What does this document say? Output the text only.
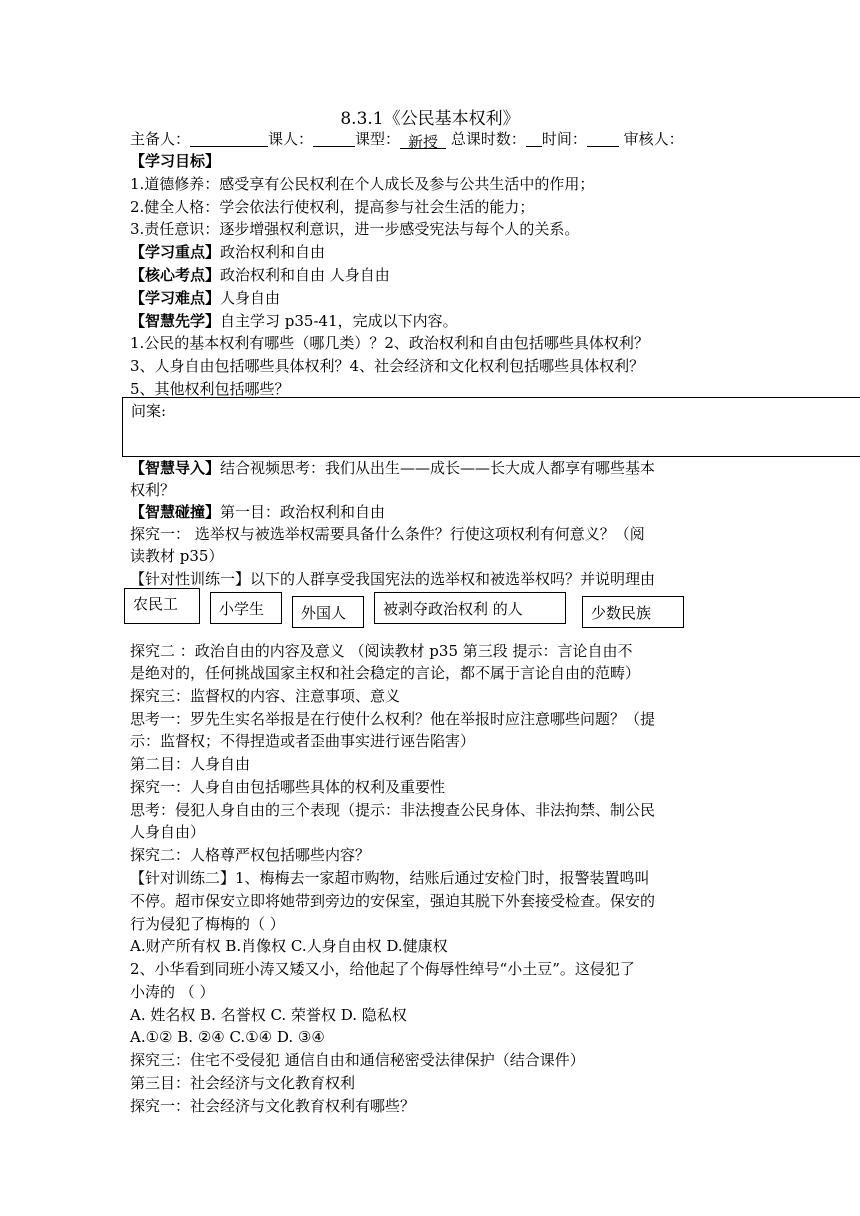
8.3.1《公民基本权利》
主备人：	课人：	课型： 新授 总课时数： 时间： 审核人：
【学习目标】
1.道德修养：感受享有公民权利在个人成长及参与公共生活中的作用；
2.健全人格：学会依法行使权利，提高参与社会生活的能力；
3.责任意识：逐步增强权利意识，进一步感受宪法与每个人的关系。
【学习重点】政治权利和自由
【核心考点】政治权利和自由 人身自由
【学习难点】人身自由
【智慧先学】自主学习 p35-41，完成以下内容。
1.公民的基本权利有哪些（哪几类）？2、政治权利和自由包括哪些具体权利？
3、人身自由包括哪些具体权利？4、社会经济和文化权利包括哪些具体权利？
5、其他权利包括哪些？
问案:
【智慧导入】结合视频思考：我们从出生——成长——长大成人都享有哪些基本
权利？
【智慧碰撞】第一目：政治权利和自由
探究一： 选举权与被选举权需要具备什么条件？行使这项权利有何意义？（阅
读教材 p35）
【针对性训练一】以下的人群享受我国宪法的选举权和被选举权吗？并说明理由
农民工	小学生	外国人	被剥夺政治权利 的人	少数民族
探究二 ：政治自由的内容及意义 （阅读教材 p35 第三段 提示：言论自由不
是绝对的，任何挑战国家主权和社会稳定的言论，都不属于言论自由的范畴）
探究三：监督权的内容、注意事项、意义
思考一：罗先生实名举报是在行使什么权利？他在举报时应注意哪些问题？（提
示：监督权；不得捏造或者歪曲事实进行诬告陷害）
第二目：人身自由
探究一：人身自由包括哪些具体的权利及重要性
思考：侵犯人身自由的三个表现（提示：非法搜查公民身体、非法拘禁、制公民
人身自由）
探究二：人格尊严权包括哪些内容？
【针对训练二】1、梅梅去一家超市购物，结账后通过安检门时，报警装置鸣叫
不停。超市保安立即将她带到旁边的安保室，强迫其脱下外套接受检查。保安的
行为侵犯了梅梅的（ ）
A.财产所有权 B.肖像权 C.人身自由权 D.健康权
2、小华看到同班小涛又矮又小，给他起了个侮辱性绰号“小土豆”。这侵犯了
小涛的 （ ）
A. 姓名权 B. 名誉权 C. 荣誉权 D. 隐私权
A.①② B. ②④ C.①④ D. ③④
探究三：住宅不受侵犯 通信自由和通信秘密受法律保护（结合课件）
第三目：社会经济与文化教育权利
探究一：社会经济与文化教育权利有哪些？
